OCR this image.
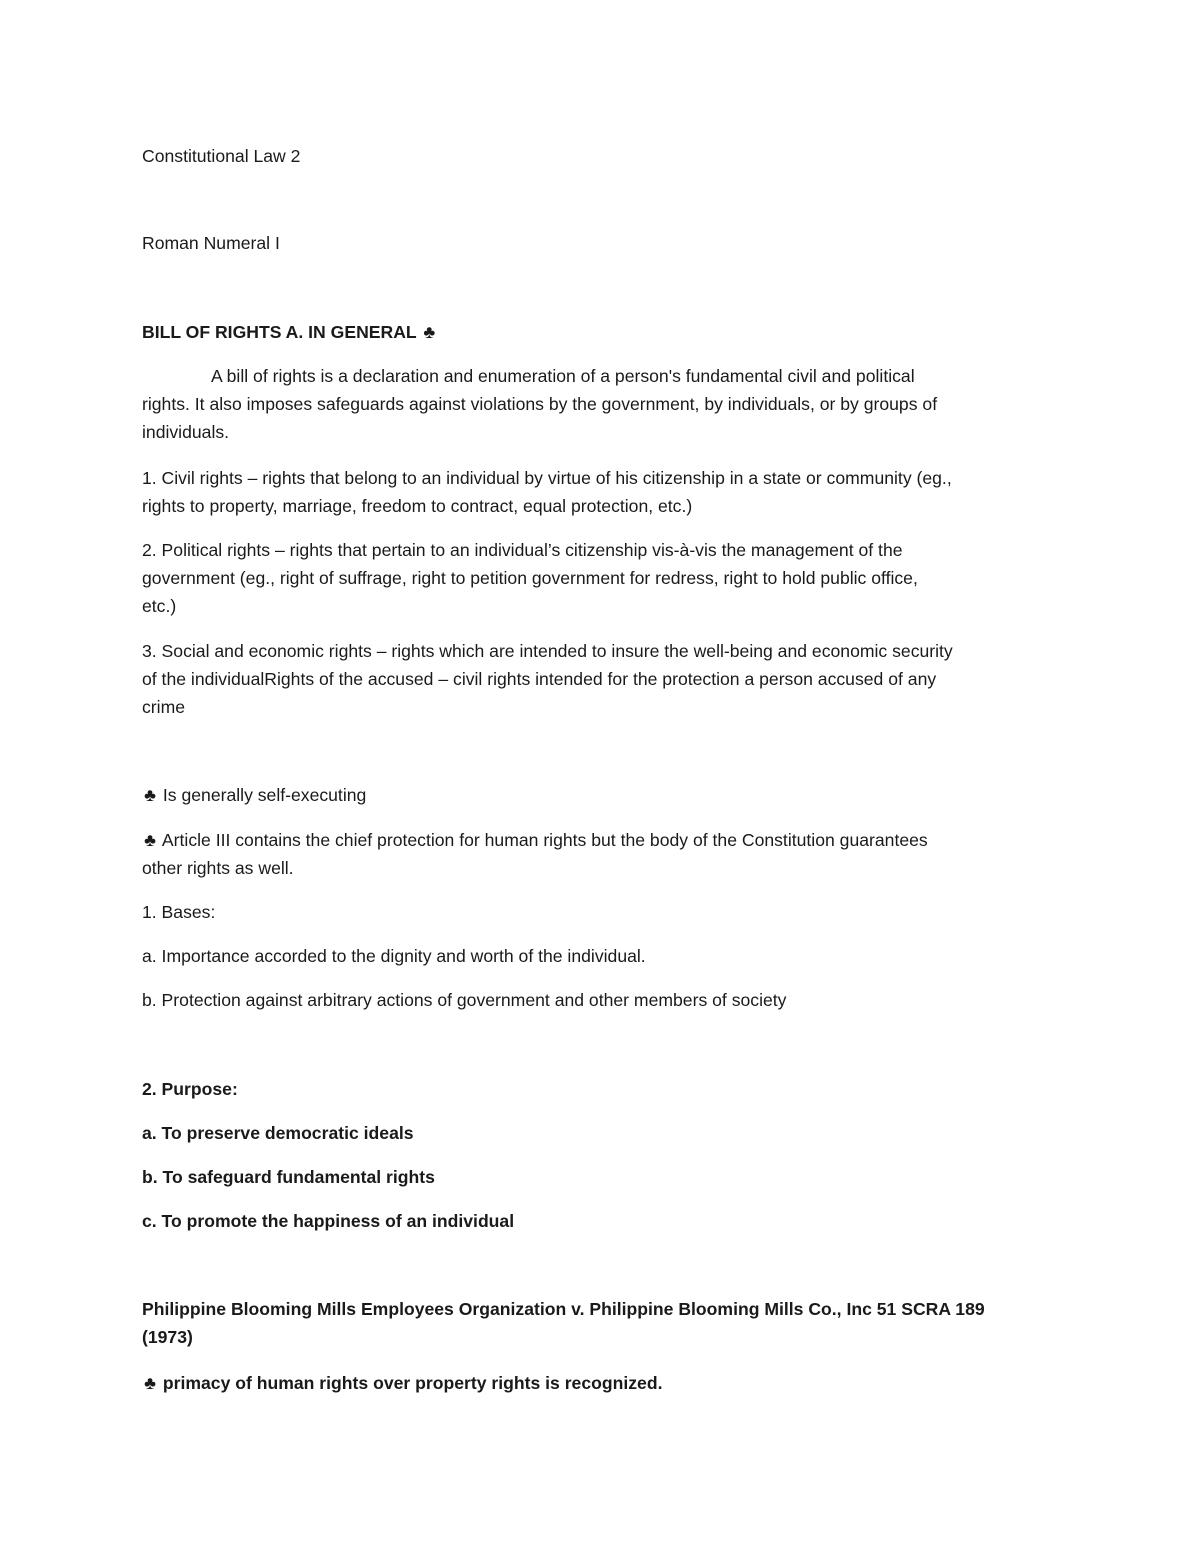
Constitutional Law 2

Roman Numeral I

BILL OF RIGHTS A. IN GENERAL ♣

A bill of rights is a declaration and enumeration of a person's fundamental civil and political

rights. It also imposes safeguards against violations by the government, by individuals, or by groups of

individuals.

1. Civil rights – rights that belong to an individual by virtue of his citizenship in a state or community (eg.,

rights to property, marriage, freedom to contract, equal protection, etc.)

2. Political rights – rights that pertain to an individual’s citizenship vis-à-vis the management of the

government (eg., right of suffrage, right to petition government for redress, right to hold public office,

etc.)

3. Social and economic rights – rights which are intended to insure the well-being and economic security

of the individualRights of the accused – civil rights intended for the protection a person accused of any

crime

♣ Is generally self-executing

♣ Article III contains the chief protection for human rights but the body of the Constitution guarantees

other rights as well.

1. Bases:

a. Importance accorded to the dignity and worth of the individual.

b. Protection against arbitrary actions of government and other members of society

2. Purpose:

a. To preserve democratic ideals

b. To safeguard fundamental rights

c. To promote the happiness of an individual

Philippine Blooming Mills Employees Organization v. Philippine Blooming Mills Co., Inc 51 SCRA 189

(1973)

♣ primacy of human rights over property rights is recognized.
